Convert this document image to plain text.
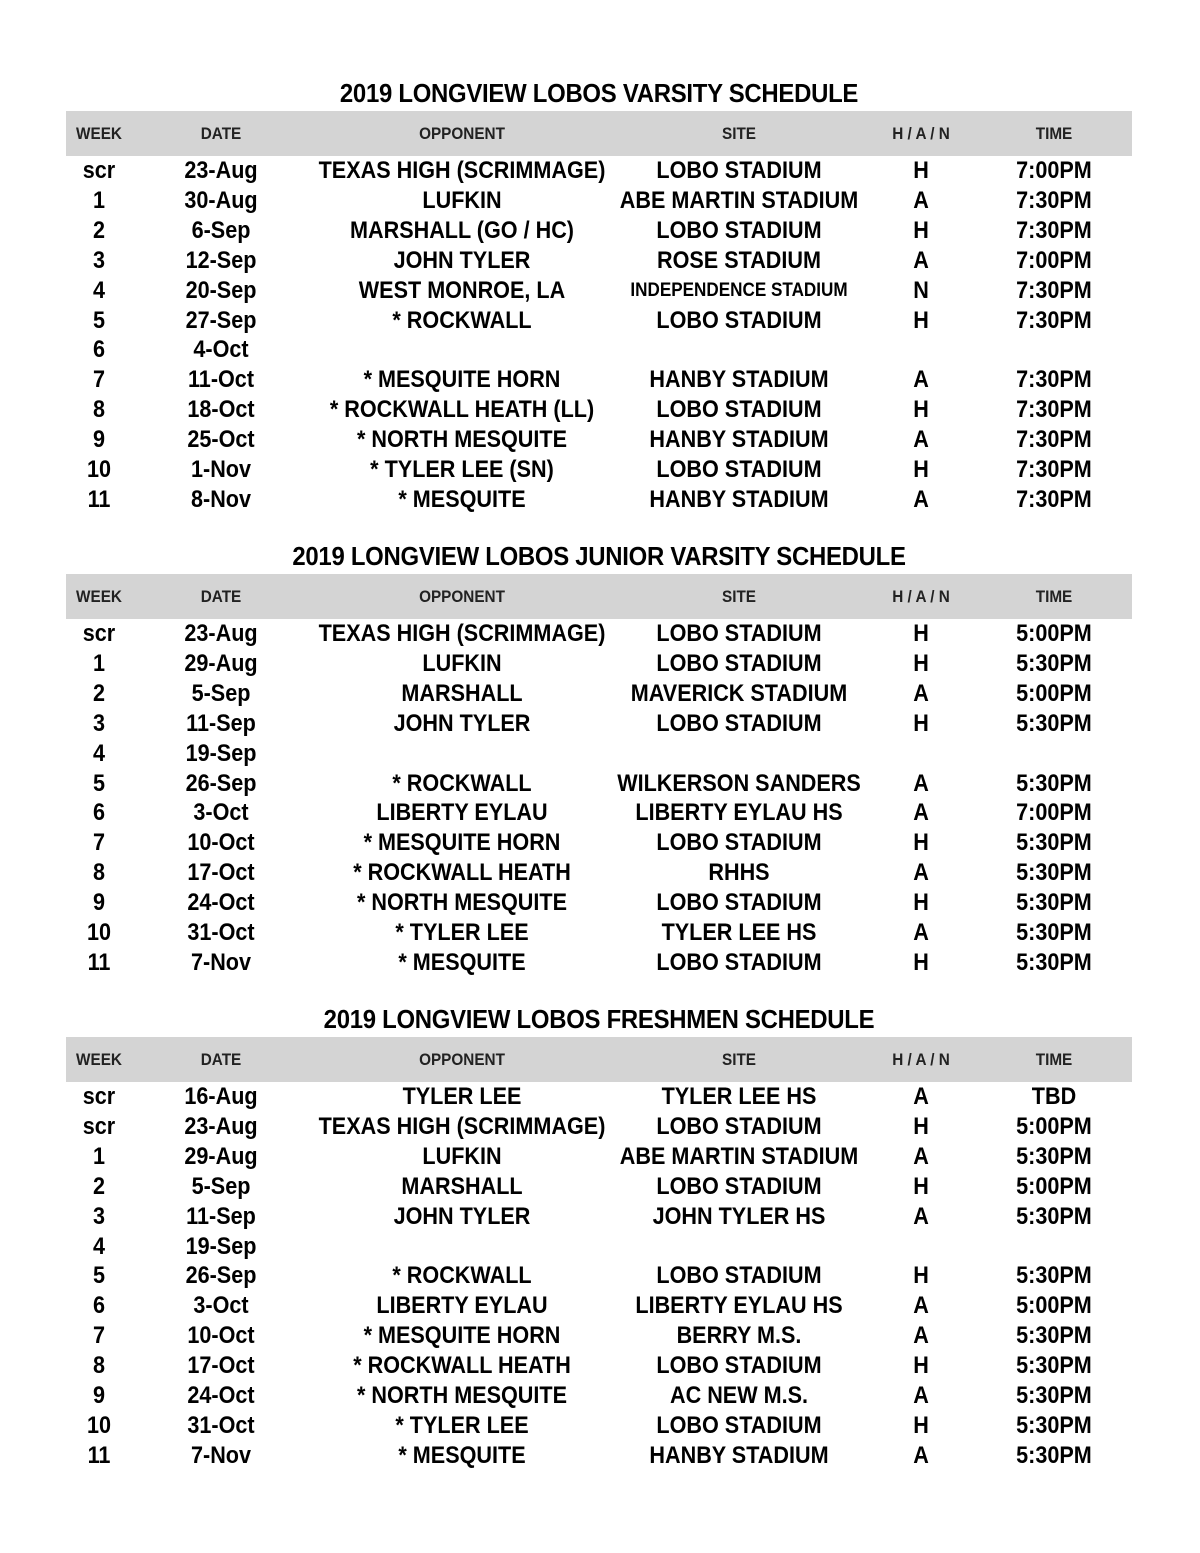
2019 LONGVIEW LOBOS VARSITY SCHEDULE
WEEK	DATE	OPPONENT	SITE	H / A / N	TIME
scr	23-Aug	TEXAS HIGH (SCRIMMAGE)	LOBO STADIUM	H	7:00PM
1	30-Aug	LUFKIN	ABE MARTIN STADIUM	A	7:30PM
2	6-Sep	MARSHALL (GO / HC)	LOBO STADIUM	H	7:30PM
3	12-Sep	JOHN TYLER	ROSE STADIUM	A	7:00PM
4	20-Sep	WEST MONROE, LA	INDEPENDENCE STADIUM	N	7:30PM
5	27-Sep	* ROCKWALL	LOBO STADIUM	H	7:30PM
6	4-Oct
7	11-Oct	* MESQUITE HORN	HANBY STADIUM	A	7:30PM
8	18-Oct	* ROCKWALL HEATH (LL)	LOBO STADIUM	H	7:30PM
9	25-Oct	* NORTH MESQUITE	HANBY STADIUM	A	7:30PM
10	1-Nov	* TYLER LEE (SN)	LOBO STADIUM	H	7:30PM
11	8-Nov	* MESQUITE	HANBY STADIUM	A	7:30PM
2019 LONGVIEW LOBOS JUNIOR VARSITY SCHEDULE
WEEK	DATE	OPPONENT	SITE	H / A / N	TIME
scr	23-Aug	TEXAS HIGH (SCRIMMAGE)	LOBO STADIUM	H	5:00PM
1	29-Aug	LUFKIN	LOBO STADIUM	H	5:30PM
2	5-Sep	MARSHALL	MAVERICK STADIUM	A	5:00PM
3	11-Sep	JOHN TYLER	LOBO STADIUM	H	5:30PM
4	19-Sep
5	26-Sep	* ROCKWALL	WILKERSON SANDERS	A	5:30PM
6	3-Oct	LIBERTY EYLAU	LIBERTY EYLAU HS	A	7:00PM
7	10-Oct	* MESQUITE HORN	LOBO STADIUM	H	5:30PM
8	17-Oct	* ROCKWALL HEATH	RHHS	A	5:30PM
9	24-Oct	* NORTH MESQUITE	LOBO STADIUM	H	5:30PM
10	31-Oct	* TYLER LEE	TYLER LEE HS	A	5:30PM
11	7-Nov	* MESQUITE	LOBO STADIUM	H	5:30PM
2019 LONGVIEW LOBOS FRESHMEN SCHEDULE
WEEK	DATE	OPPONENT	SITE	H / A / N	TIME
scr	16-Aug	TYLER LEE	TYLER LEE HS	A	TBD
scr	23-Aug	TEXAS HIGH (SCRIMMAGE)	LOBO STADIUM	H	5:00PM
1	29-Aug	LUFKIN	ABE MARTIN STADIUM	A	5:30PM
2	5-Sep	MARSHALL	LOBO STADIUM	H	5:00PM
3	11-Sep	JOHN TYLER	JOHN TYLER HS	A	5:30PM
4	19-Sep
5	26-Sep	* ROCKWALL	LOBO STADIUM	H	5:30PM
6	3-Oct	LIBERTY EYLAU	LIBERTY EYLAU HS	A	5:00PM
7	10-Oct	* MESQUITE HORN	BERRY M.S.	A	5:30PM
8	17-Oct	* ROCKWALL HEATH	LOBO STADIUM	H	5:30PM
9	24-Oct	* NORTH MESQUITE	AC NEW M.S.	A	5:30PM
10	31-Oct	* TYLER LEE	LOBO STADIUM	H	5:30PM
11	7-Nov	* MESQUITE	HANBY STADIUM	A	5:30PM
